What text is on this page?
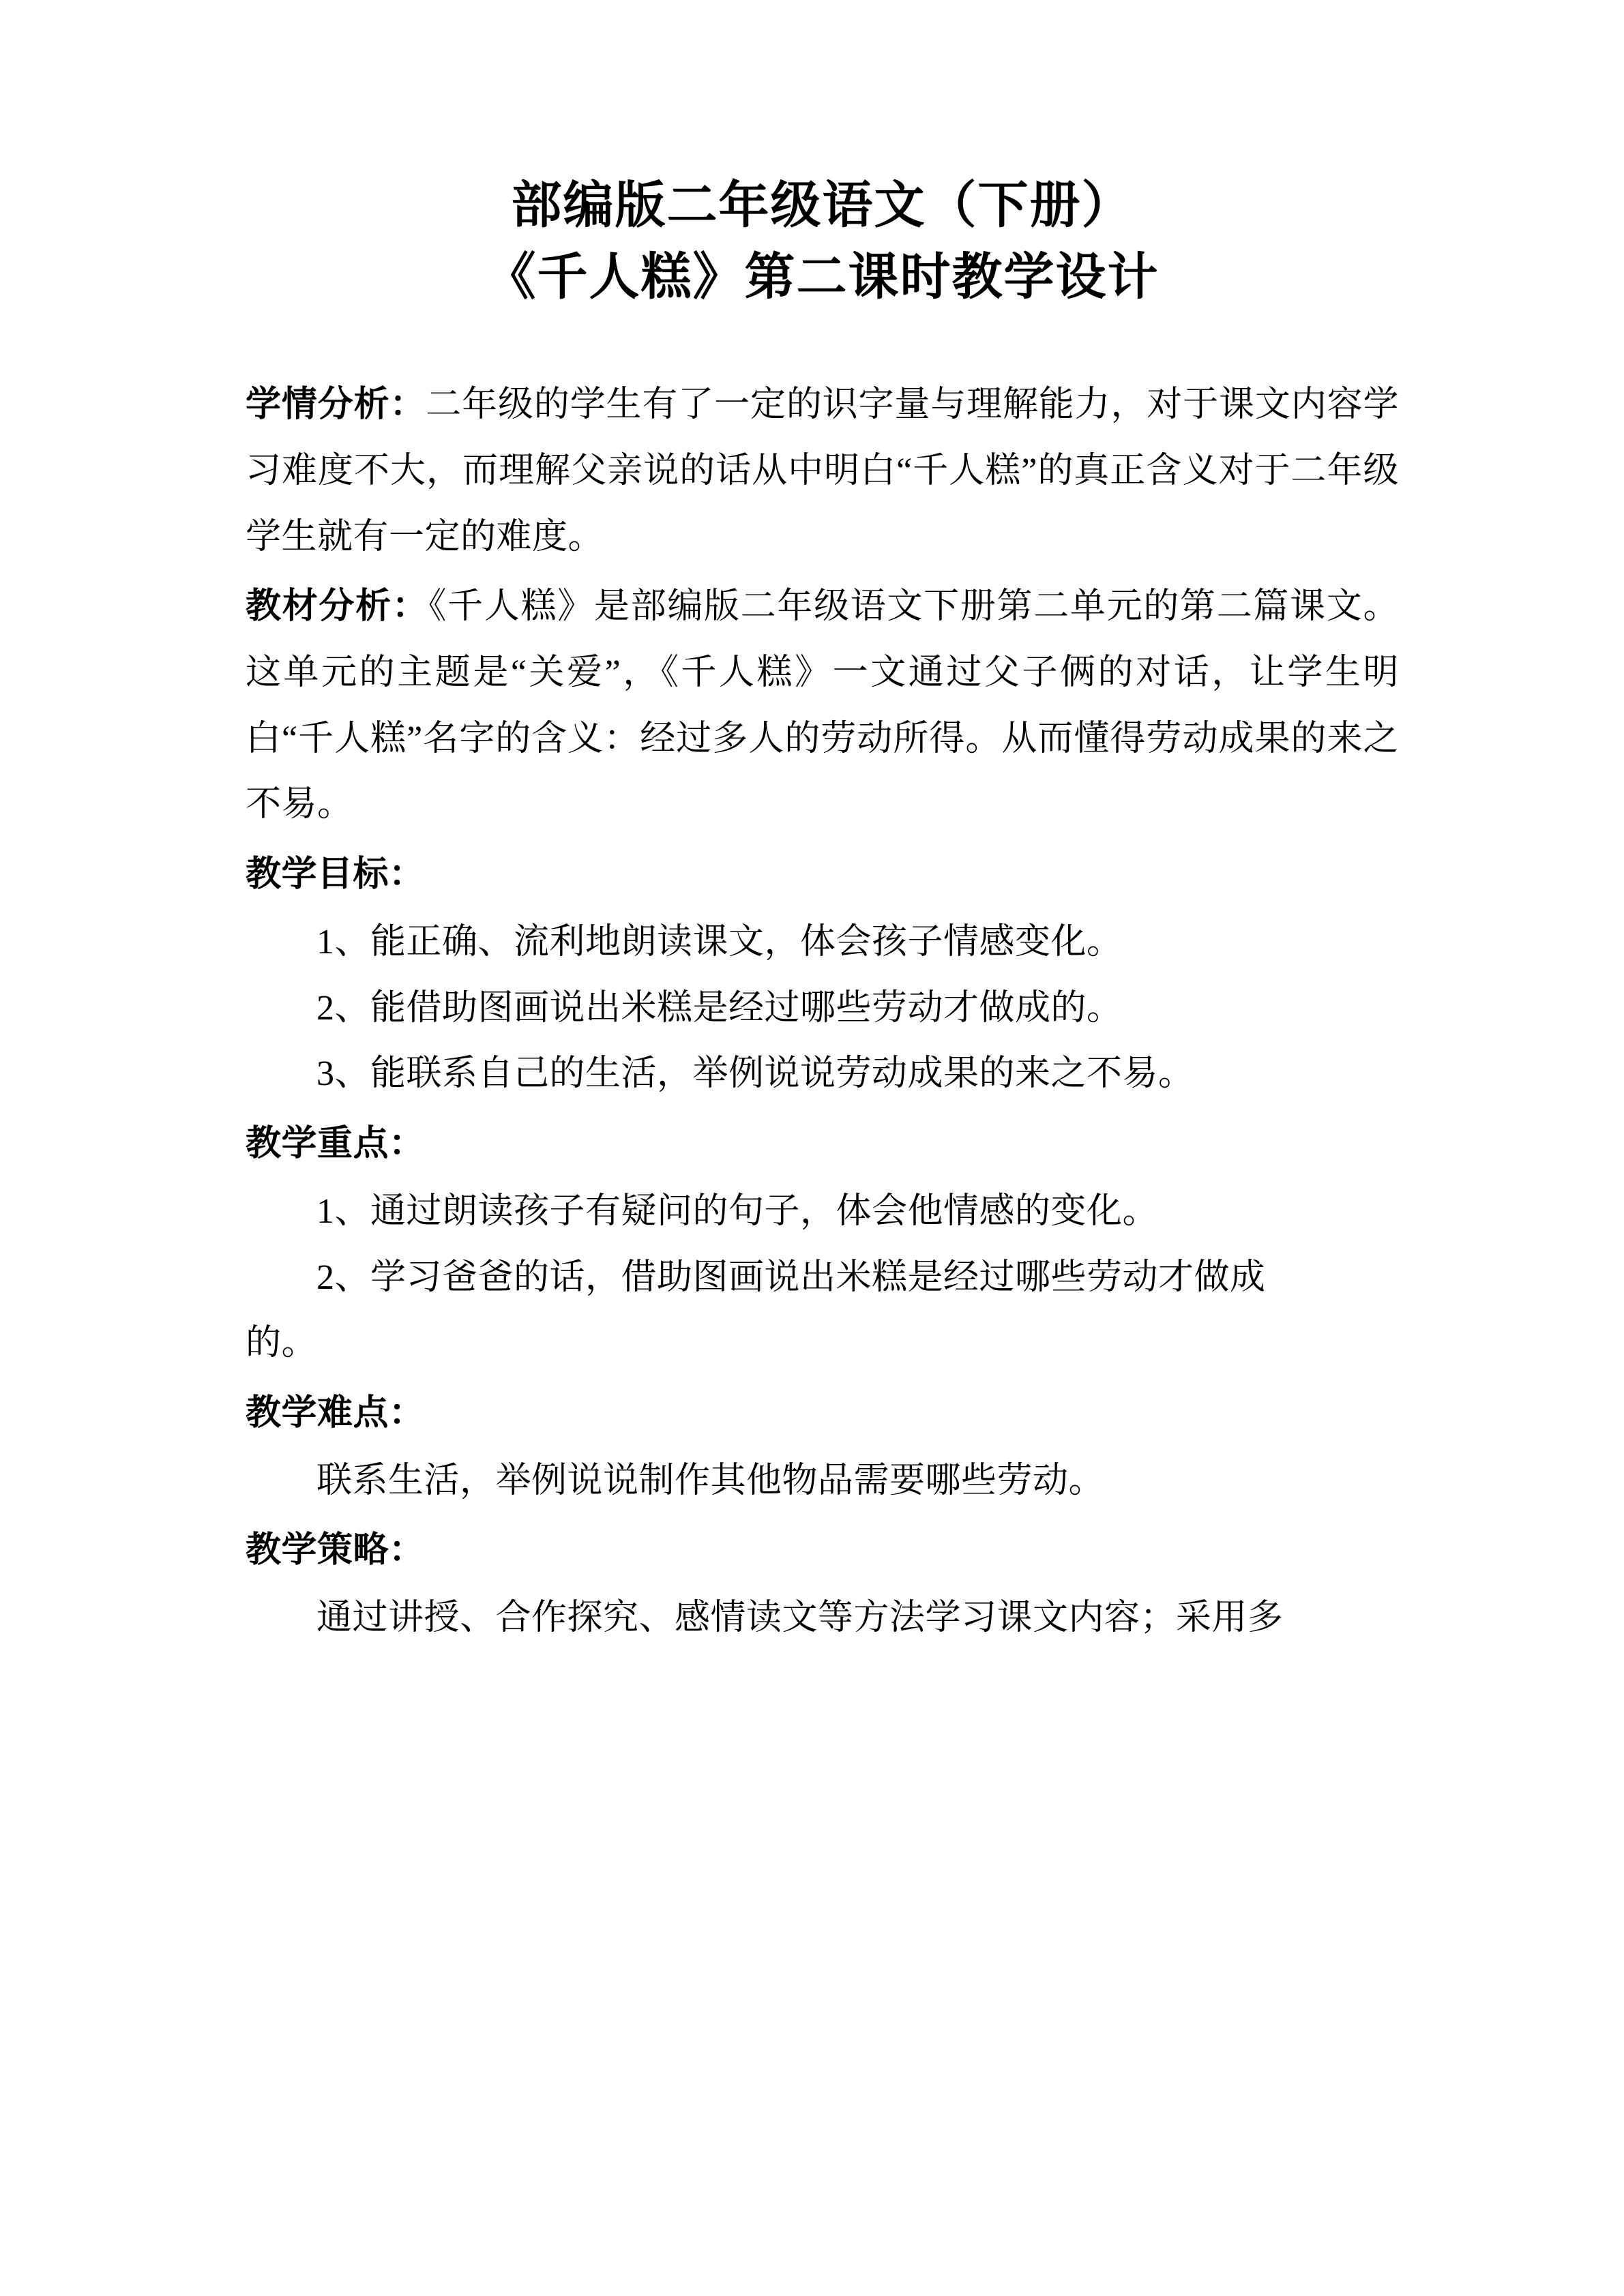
部编版二年级语文（下册）
《千人糕》第二课时教学设计

学情分析：二年级的学生有了一定的识字量与理解能力，对于课文内容学习难度不大，而理解父亲说的话从中明白“千人糕”的真正含义对于二年级学生就有一定的难度。

教材分析：《千人糕》是部编版二年级语文下册第二单元的第二篇课文。这单元的主题是“关爱”，《千人糕》一文通过父子俩的对话，让学生明白“千人糕”名字的含义：经过多人的劳动所得。从而懂得劳动成果的来之不易。

教学目标：

1、能正确、流利地朗读课文，体会孩子情感变化。

2、能借助图画说出米糕是经过哪些劳动才做成的。

3、能联系自己的生活，举例说说劳动成果的来之不易。

教学重点：

1、通过朗读孩子有疑问的句子，体会他情感的变化。

2、学习爸爸的话，借助图画说出米糕是经过哪些劳动才做成

的。

教学难点：

联系生活，举例说说制作其他物品需要哪些劳动。

教学策略：

通过讲授、合作探究、感情读文等方法学习课文内容；采用多
